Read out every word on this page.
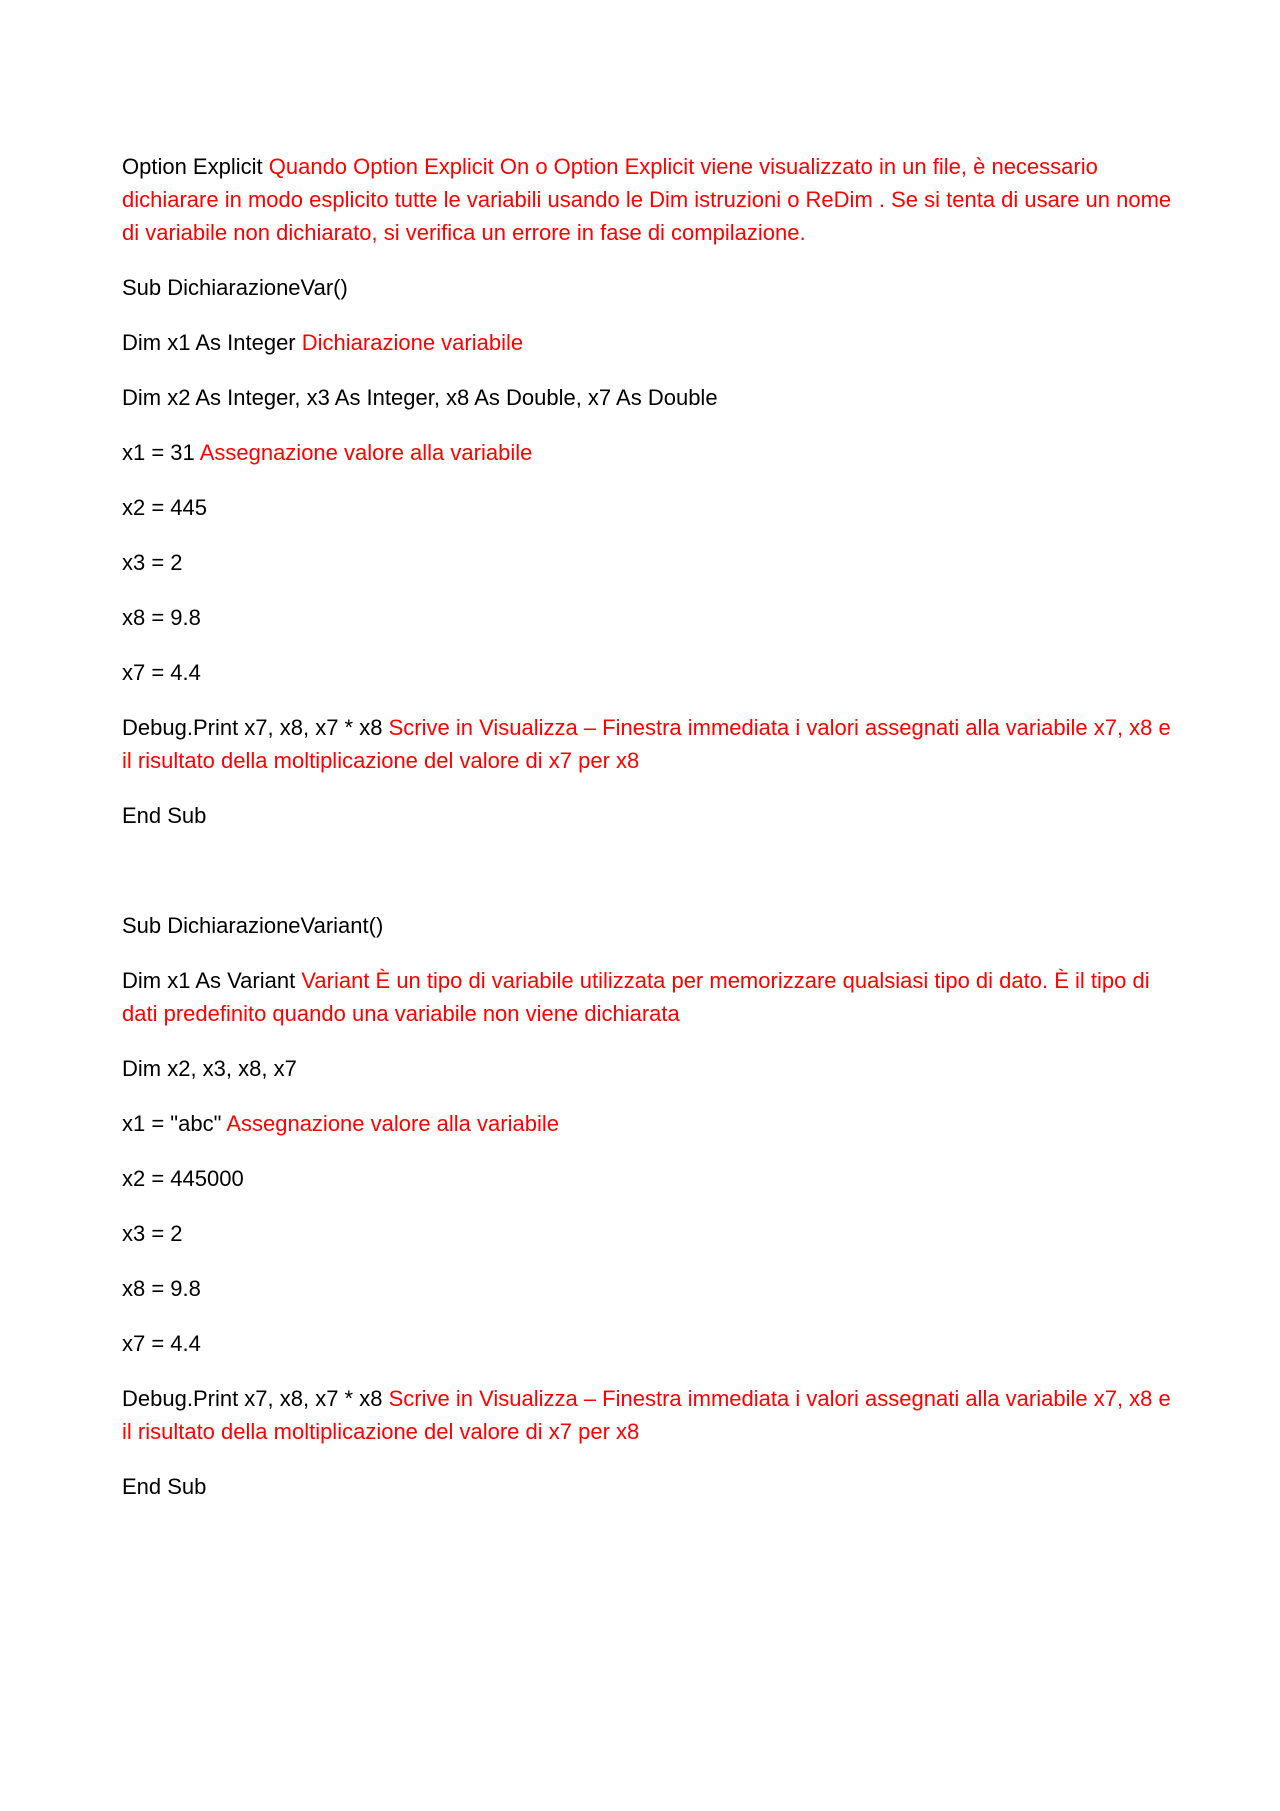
Option Explicit Quando Option Explicit On o Option Explicit viene visualizzato in un file, è necessario dichiarare in modo esplicito tutte le variabili usando le Dim istruzioni o ReDim . Se si tenta di usare un nome di variabile non dichiarato, si verifica un errore in fase di compilazione.

Sub DichiarazioneVar()

Dim x1 As Integer Dichiarazione variabile

Dim x2 As Integer, x3 As Integer, x8 As Double, x7 As Double

x1 = 31 Assegnazione valore alla variabile

x2 = 445

x3 = 2

x8 = 9.8

x7 = 4.4

Debug.Print x7, x8, x7 * x8 Scrive in Visualizza – Finestra immediata i valori assegnati alla variabile x7, x8 e il risultato della moltiplicazione del valore di x7 per x8

End Sub

Sub DichiarazioneVariant()

Dim x1 As Variant Variant È un tipo di variabile utilizzata per memorizzare qualsiasi tipo di dato. È il tipo di dati predefinito quando una variabile non viene dichiarata

Dim x2, x3, x8, x7

x1 = "abc" Assegnazione valore alla variabile

x2 = 445000

x3 = 2

x8 = 9.8

x7 = 4.4

Debug.Print x7, x8, x7 * x8 Scrive in Visualizza – Finestra immediata i valori assegnati alla variabile x7, x8 e il risultato della moltiplicazione del valore di x7 per x8

End Sub
